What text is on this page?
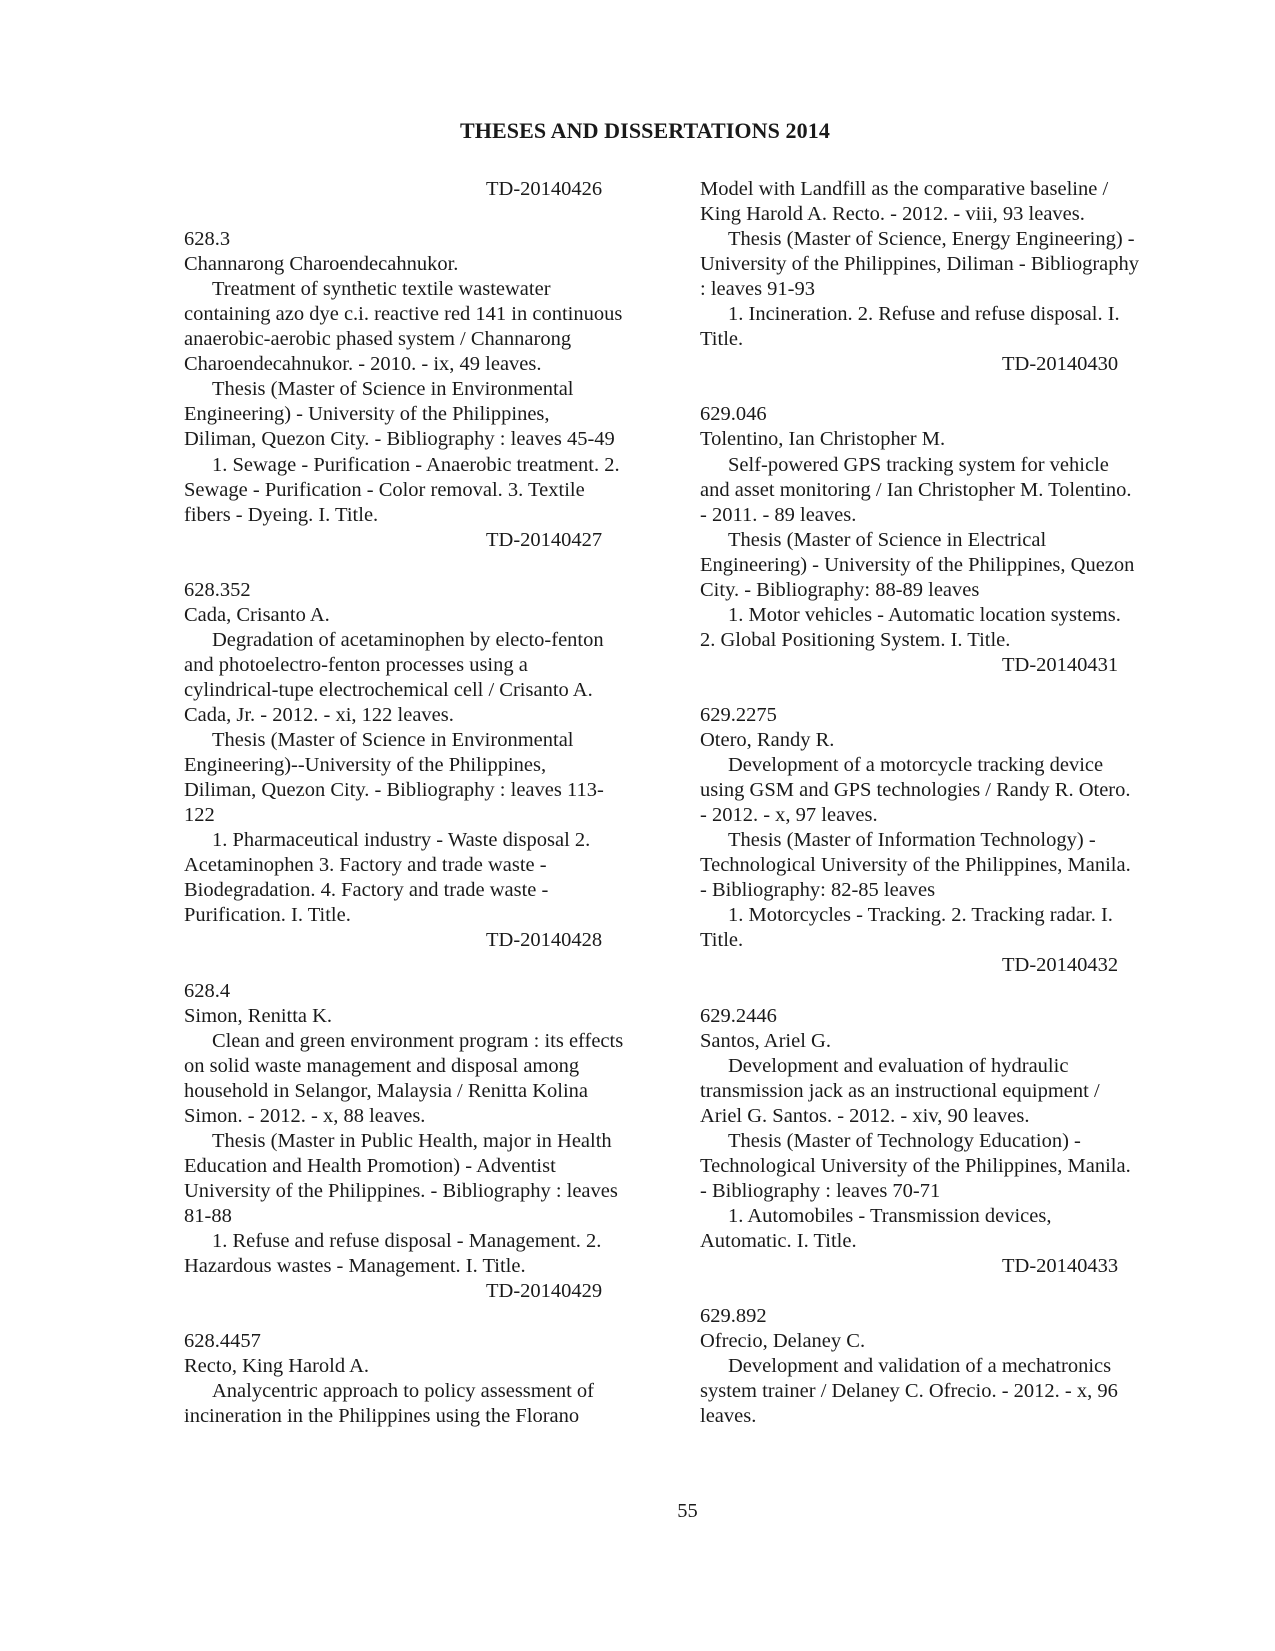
THESES AND DISSERTATIONS 2014
TD-20140426
628.3
Channarong Charoendecahnukor.
Treatment of synthetic textile wastewater
containing azo dye c.i. reactive red 141 in continuous
anaerobic-aerobic phased system / Channarong
Charoendecahnukor. - 2010. - ix, 49 leaves.
Thesis (Master of Science in Environmental
Engineering) - University of the Philippines,
Diliman, Quezon City. - Bibliography : leaves 45-49
1. Sewage - Purification - Anaerobic treatment. 2.
Sewage - Purification - Color removal. 3. Textile
fibers - Dyeing. I. Title.
TD-20140427
628.352
Cada, Crisanto A.
Degradation of acetaminophen by electo-fenton
and photoelectro-fenton processes using a
cylindrical-tupe electrochemical cell / Crisanto A.
Cada, Jr. - 2012. - xi, 122 leaves.
Thesis (Master of Science in Environmental
Engineering)--University of the Philippines,
Diliman, Quezon City. - Bibliography : leaves 113-
122
1. Pharmaceutical industry - Waste disposal 2.
Acetaminophen 3. Factory and trade waste -
Biodegradation. 4. Factory and trade waste -
Purification. I. Title.
TD-20140428
628.4
Simon, Renitta K.
Clean and green environment program : its effects
on solid waste management and disposal among
household in Selangor, Malaysia / Renitta Kolina
Simon. - 2012. - x, 88 leaves.
Thesis (Master in Public Health, major in Health
Education and Health Promotion) - Adventist
University of the Philippines. - Bibliography : leaves
81-88
1. Refuse and refuse disposal - Management. 2.
Hazardous wastes - Management. I. Title.
TD-20140429
628.4457
Recto, King Harold A.
Analycentric approach to policy assessment of
incineration in the Philippines using the Florano
Model with Landfill as the comparative baseline /
King Harold A. Recto. - 2012. - viii, 93 leaves.
Thesis (Master of Science, Energy Engineering) -
University of the Philippines, Diliman - Bibliography
: leaves 91-93
1. Incineration. 2. Refuse and refuse disposal. I.
Title.
TD-20140430
629.046
Tolentino, Ian Christopher M.
Self-powered GPS tracking system for vehicle
and asset monitoring / Ian Christopher M. Tolentino.
- 2011. - 89 leaves.
Thesis (Master of Science in Electrical
Engineering) - University of the Philippines, Quezon
City. - Bibliography: 88-89 leaves
1. Motor vehicles - Automatic location systems.
2. Global Positioning System. I. Title.
TD-20140431
629.2275
Otero, Randy R.
Development of a motorcycle tracking device
using GSM and GPS technologies / Randy R. Otero.
- 2012. - x, 97 leaves.
Thesis (Master of Information Technology) -
Technological University of the Philippines, Manila.
- Bibliography: 82-85 leaves
1. Motorcycles - Tracking. 2. Tracking radar. I.
Title.
TD-20140432
629.2446
Santos, Ariel G.
Development and evaluation of hydraulic
transmission jack as an instructional equipment /
Ariel G. Santos. - 2012. - xiv, 90 leaves.
Thesis (Master of Technology Education) -
Technological University of the Philippines, Manila.
- Bibliography : leaves 70-71
1. Automobiles - Transmission devices,
Automatic. I. Title.
TD-20140433
629.892
Ofrecio, Delaney C.
Development and validation of a mechatronics
system trainer / Delaney C. Ofrecio. - 2012. - x, 96
leaves.
55
